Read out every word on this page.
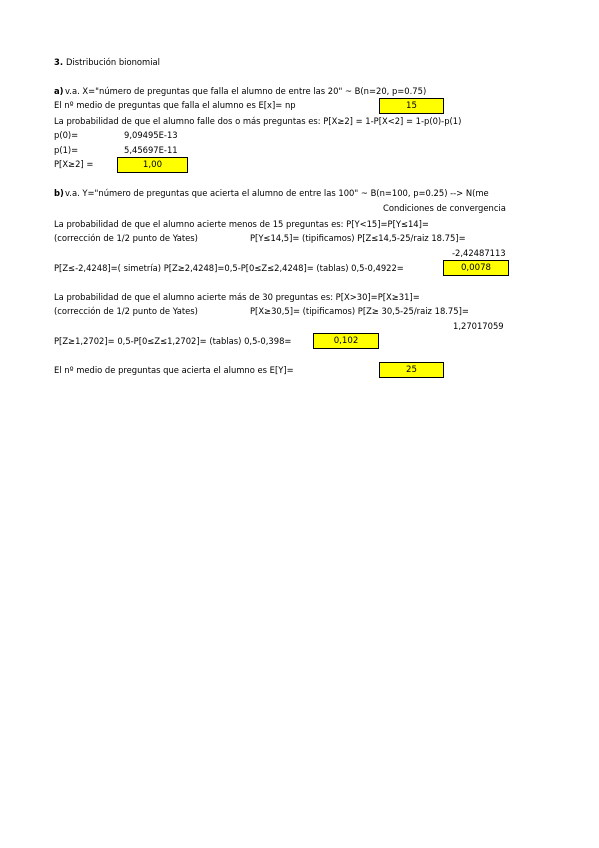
3. Distribución bionomial
a) v.a. X="número de preguntas que falla el alumno de entre las 20" ~ B(n=20, p=0.75)
El nº medio de preguntas que falla el alumno es E[x]= np	15
La probabilidad de que el alumno falle dos o más preguntas es: P[X≥2] = 1-P[X<2] = 1-p(0)-p(1)
p(0)=	9,09495E-13
p(1)=	5,45697E-11
P[X≥2] =	1,00
b) v.a. Y="número de preguntas que acierta el alumno de entre las 100" ~ B(n=100, p=0.25) --> N(me
Condiciones de convergencia
La probabilidad de que el alumno acierte menos de 15 preguntas es: P[Y<15]=P[Y≤14]=
(corrección de 1/2 punto de Yates)	P[Y≤14,5]= (tipificamos) P[Z≤14,5-25/raiz 18.75]=
-2,42487113
P[Z≤-2,4248]=( simetría) P[Z≥2,4248]=0,5-P[0≤Z≤2,4248]= (tablas) 0,5-0,4922=	0,0078
La probabilidad de que el alumno acierte más de 30 preguntas es: P[X>30]=P[X≥31]=
(corrección de 1/2 punto de Yates)	P[X≥30,5]= (tipificamos) P[Z≥ 30,5-25/raiz 18.75]=
1,27017059
P[Z≥1,2702]= 0,5-P[0≤Z≤1,2702]= (tablas) 0,5-0,398=	0,102
El nº medio de preguntas que acierta el alumno es E[Y]=	25
